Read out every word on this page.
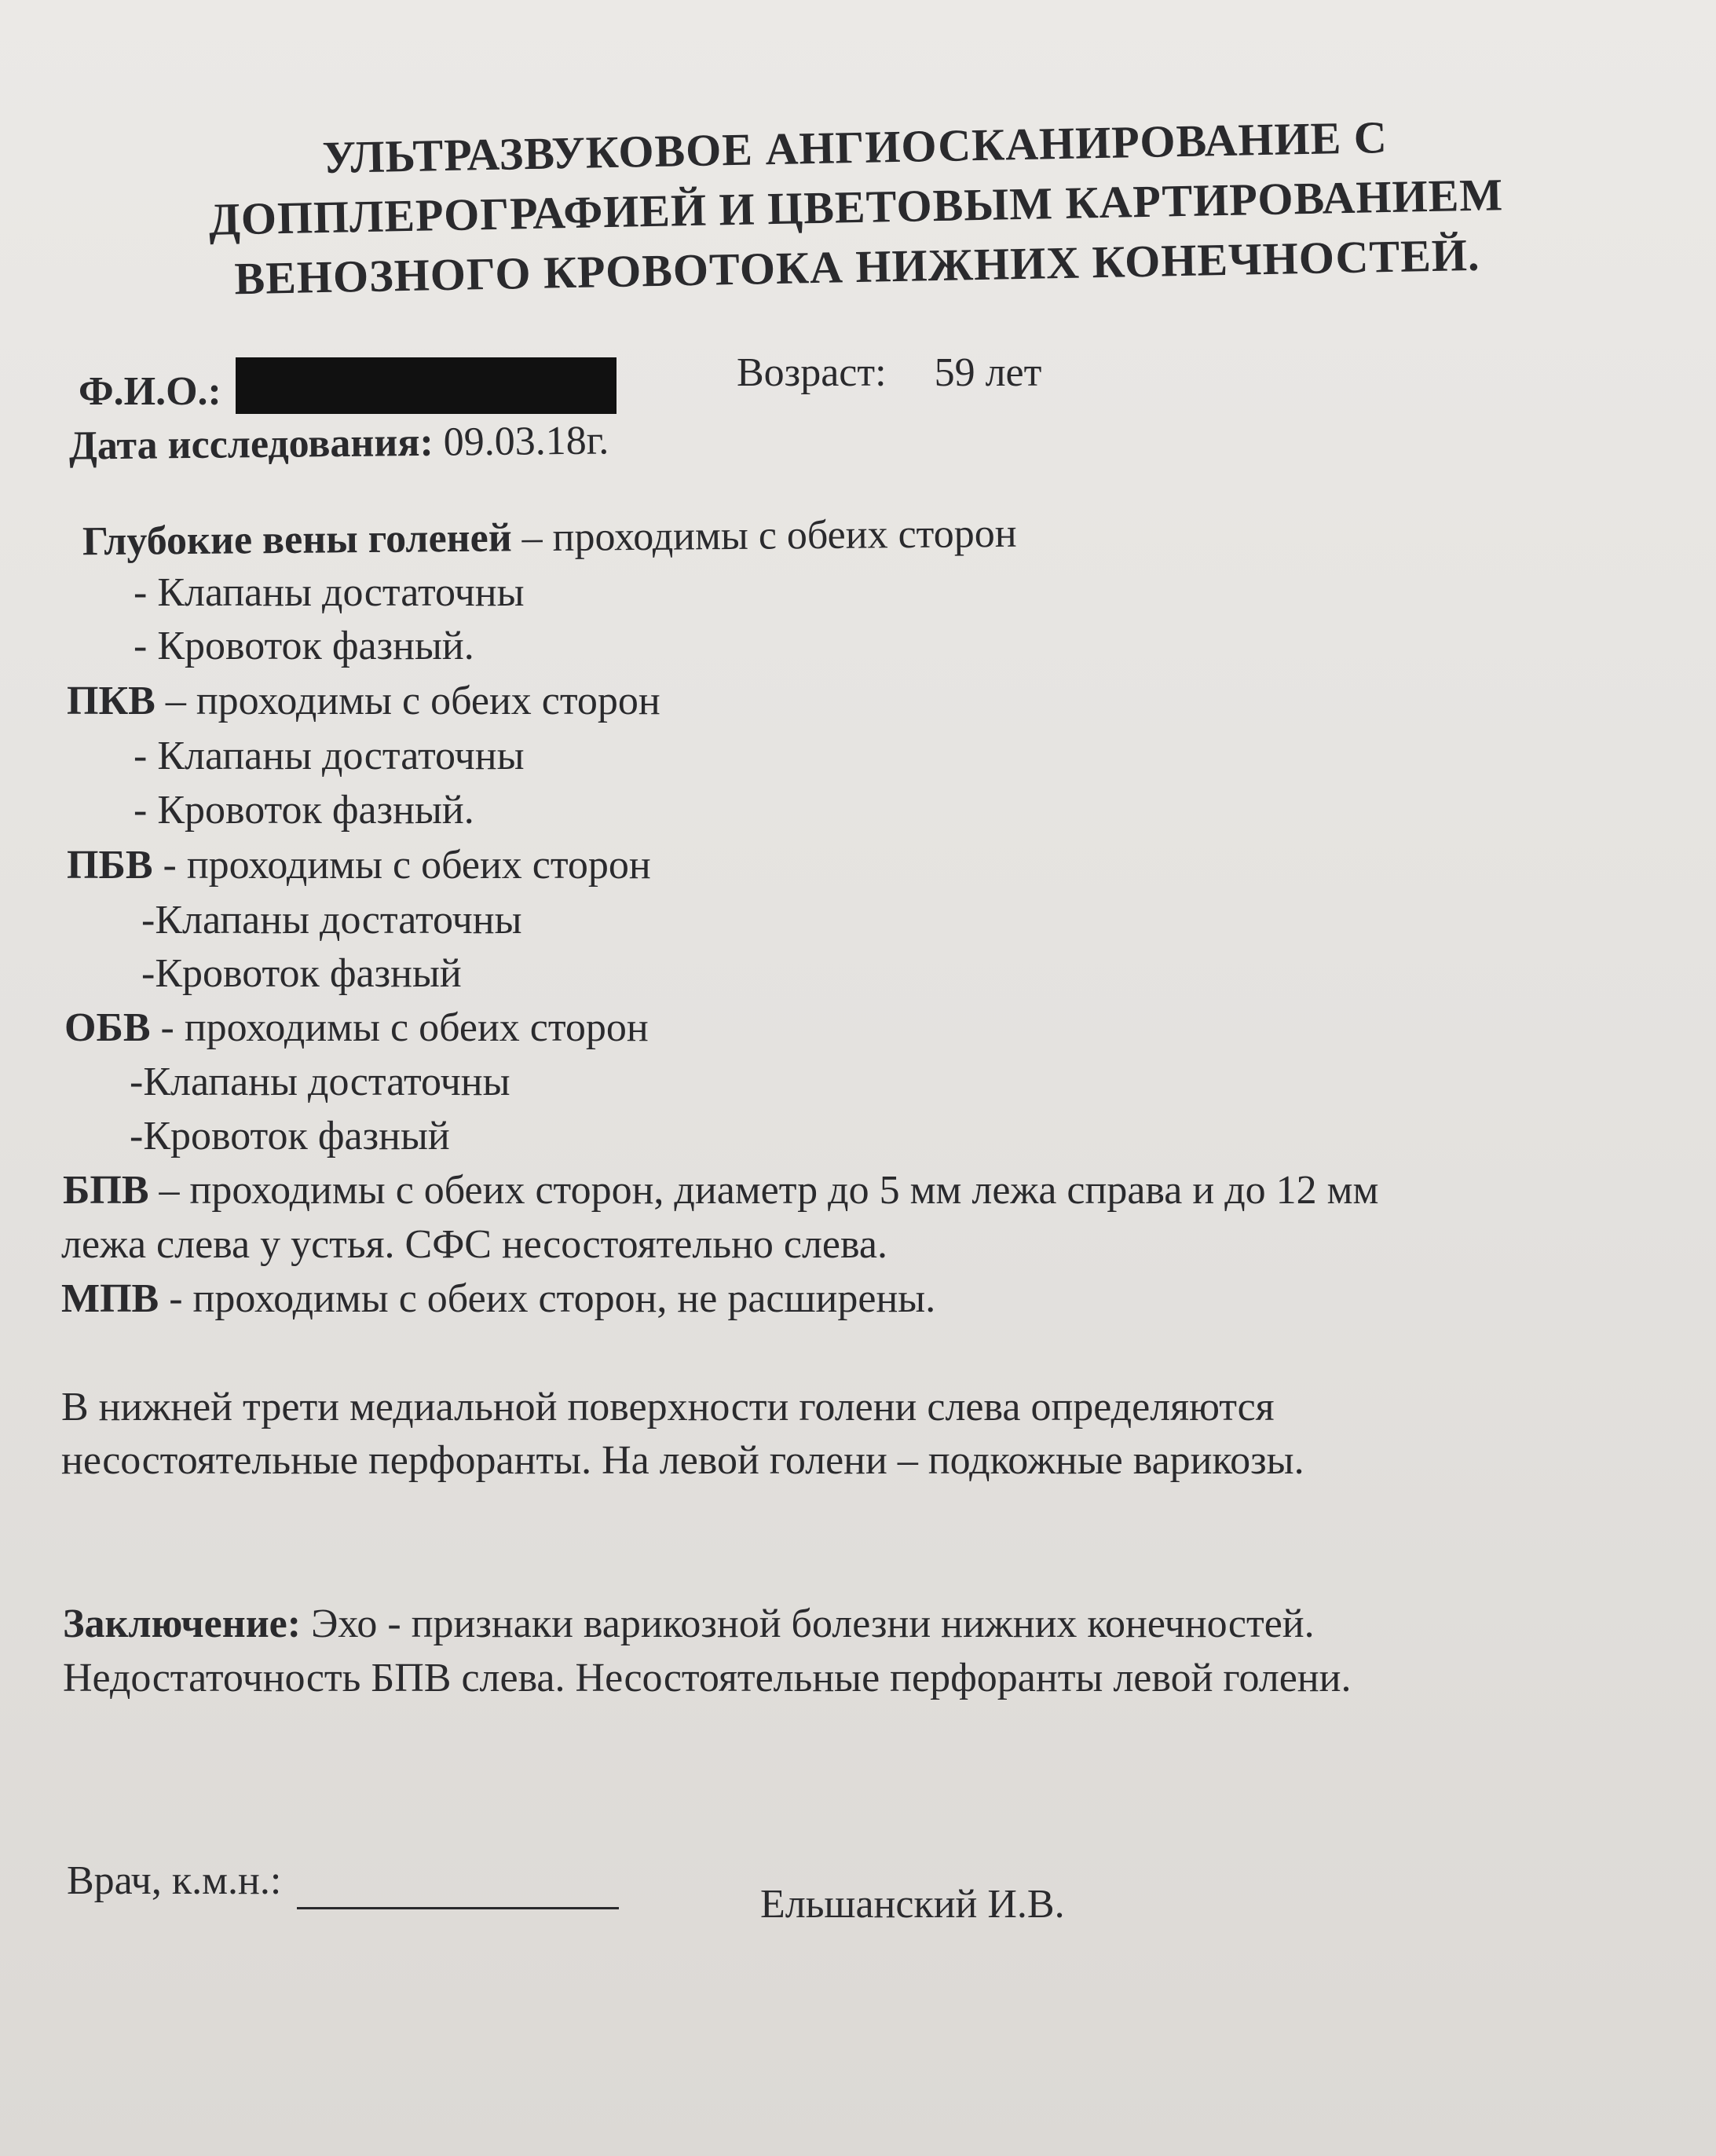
УЛЬТРАЗВУКОВОЕ АНГИОСКАНИРОВАНИЕ С
ДОППЛЕРОГРАФИЕЙ И ЦВЕТОВЫМ КАРТИРОВАНИЕМ
ВЕНОЗНОГО КРОВОТОКА НИЖНИХ КОНЕЧНОСТЕЙ.
Ф.И.О.:	Возраст: 59 лет
Дата исследования: 09.03.18г.
Глубокие вены голеней – проходимы с обеих сторон
- Клапаны достаточны
- Кровоток фазный.
ПКВ – проходимы с обеих сторон
- Клапаны достаточны
- Кровоток фазный.
ПБВ - проходимы с обеих сторон
-Клапаны достаточны
-Кровоток фазный
ОБВ - проходимы с обеих сторон
-Клапаны достаточны
-Кровоток фазный
БПВ – проходимы с обеих сторон, диаметр до 5 мм лежа справа и до 12 мм
лежа слева у устья. СФС несостоятельно слева.
МПВ - проходимы с обеих сторон, не расширены.
В нижней трети медиальной поверхности голени слева определяются
несостоятельные перфоранты. На левой голени – подкожные варикозы.
Заключение: Эхо - признаки варикозной болезни нижних конечностей.
Недостаточность БПВ слева. Несостоятельные перфоранты левой голени.
Врач, к.м.н.:
Ельшанский И.В.
